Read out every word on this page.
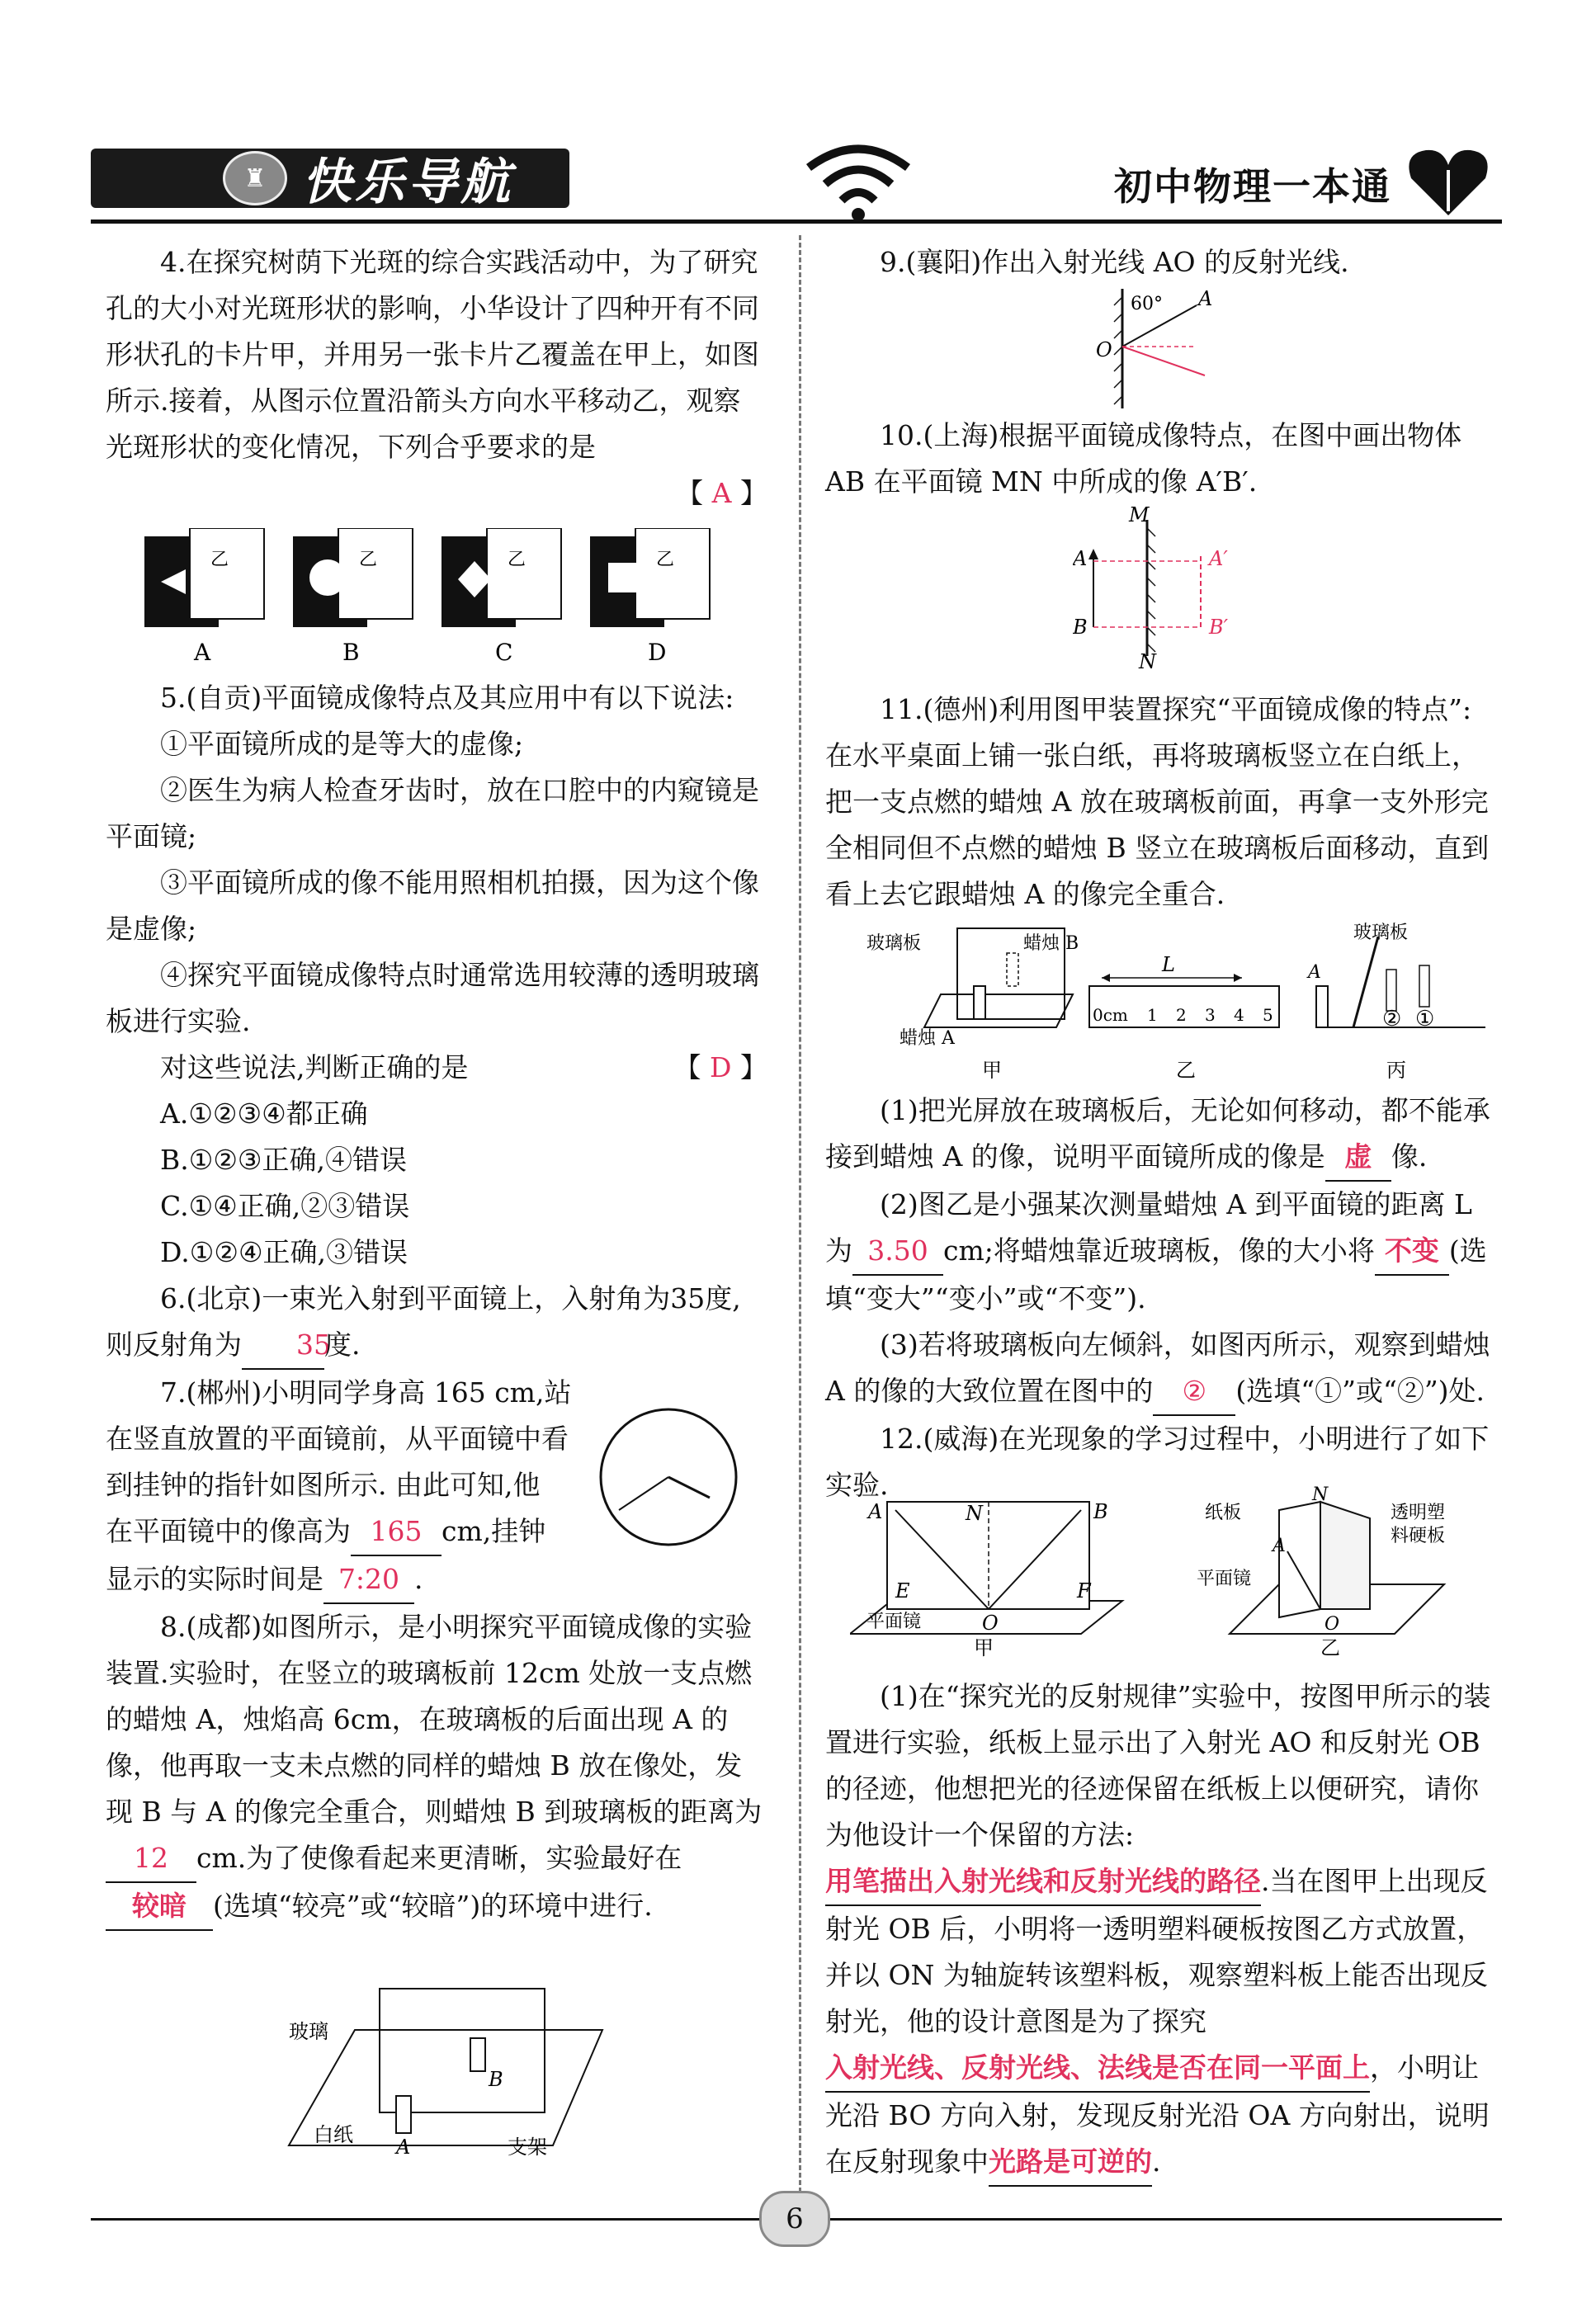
♜ 快乐导航	初中物理一本通

4.在探究树荫下光斑的综合实践活动中，为了研究孔的大小对光斑形状的影响，小华设计了四种开有不同形状孔的卡片甲，并用另一张卡片乙覆盖在甲上，如图所示.接着，从图示位置沿箭头方向水平移动乙，观察光斑形状的变化情况，下列合乎要求的是

【 A 】

乙	乙	乙	乙
A	B	C	D

5.(自贡)平面镜成像特点及其应用中有以下说法:

①平面镜所成的是等大的虚像;

②医生为病人检查牙齿时，放在口腔中的内窥镜是平面镜;

③平面镜所成的像不能用照相机拍摄，因为这个像是虚像;

④探究平面镜成像特点时通常选用较薄的透明玻璃板进行实验.

对这些说法,判断正确的是	【 D 】

A.①②③④都正确

B.①②③正确,④错误

C.①④正确,②③错误

D.①②④正确,③错误

6.(北京)一束光入射到平面镜上，入射角为35度,则反射角为 35度.

7.(郴州)小明同学身高 165 cm,站

在竖直放置的平面镜前，从平面镜中看

到挂钟的指针如图所示. 由此可知,他

在平面镜中的像高为 165 cm,挂钟

显示的实际时间是 7:20 .

8.(成都)如图所示，是小明探究平面镜成像的实验装置.实验时，在竖立的玻璃板前 12cm 处放一支点燃的蜡烛 A，烛焰高 6cm，在玻璃板的后面出现 A 的像，他再取一支未点燃的同样的蜡烛 B 放在像处，发现 B 与 A 的像完全重合，则蜡烛 B 到玻璃板的距离为12 cm.为了使像看起来更清晰，实验最好在较暗 (选填“较亮”或“较暗”)的环境中进行.

玻璃
白纸
支架
A
B

9.(襄阳)作出入射光线 AO 的反射光线.

60° A
O

10.(上海)根据平面镜成像特点，在图中画出物体 AB 在平面镜 MN 中所成的像 A′B′.

M
N
A
B
A′
B′

11.(德州)利用图甲装置探究“平面镜成像的特点”:在水平桌面上铺一张白纸，再将玻璃板竖立在白纸上，把一支点燃的蜡烛 A 放在玻璃板前面，再拿一支外形完全相同但不点燃的蜡烛 B 竖立在玻璃板后面移动，直到看上去它跟蜡烛 A 的像完全重合.

玻璃板	蜡烛 B
蜡烛 A
甲
L
0cm 1 2 3 4 5
乙
玻璃板
A
② ①
丙

(1)把光屏放在玻璃板后，无论如何移动，都不能承接到蜡烛 A 的像，说明平面镜所成的像是 虚 像.

(2)图乙是小强某次测量蜡烛 A 到平面镜的距离 L 为 3.50 cm;将蜡烛靠近玻璃板，像的大小将 不变 (选填“变大”“变小”或“不变”).

(3)若将玻璃板向左倾斜，如图丙所示，观察到蜡烛 A 的像的大致位置在图中的 ② (选填“①”或“②”)处.

12.(威海)在光现象的学习过程中，小明进行了如下实验.

A	N	B
E
O
F
平面镜
甲
纸板	透明塑
料硬板
N
A
平面镜
O
乙

(1)在“探究光的反射规律”实验中，按图甲所示的装置进行实验，纸板上显示出了入射光 AO 和反射光 OB 的径迹，他想把光的径迹保留在纸板上以便研究，请你为他设计一个保留的方法:用笔描出入射光线和反射光线的路径.当在图甲上出现反射光 OB 后，小明将一透明塑料硬板按图乙方式放置，并以 ON 为轴旋转该塑料板，观察塑料板上能否出现反射光，他的设计意图是为了探究入射光线、反射光线、法线是否在同一平面上，小明让光沿 BO 方向入射，发现反射光沿 OA 方向射出，说明在反射现象中光路是可逆的.

6
